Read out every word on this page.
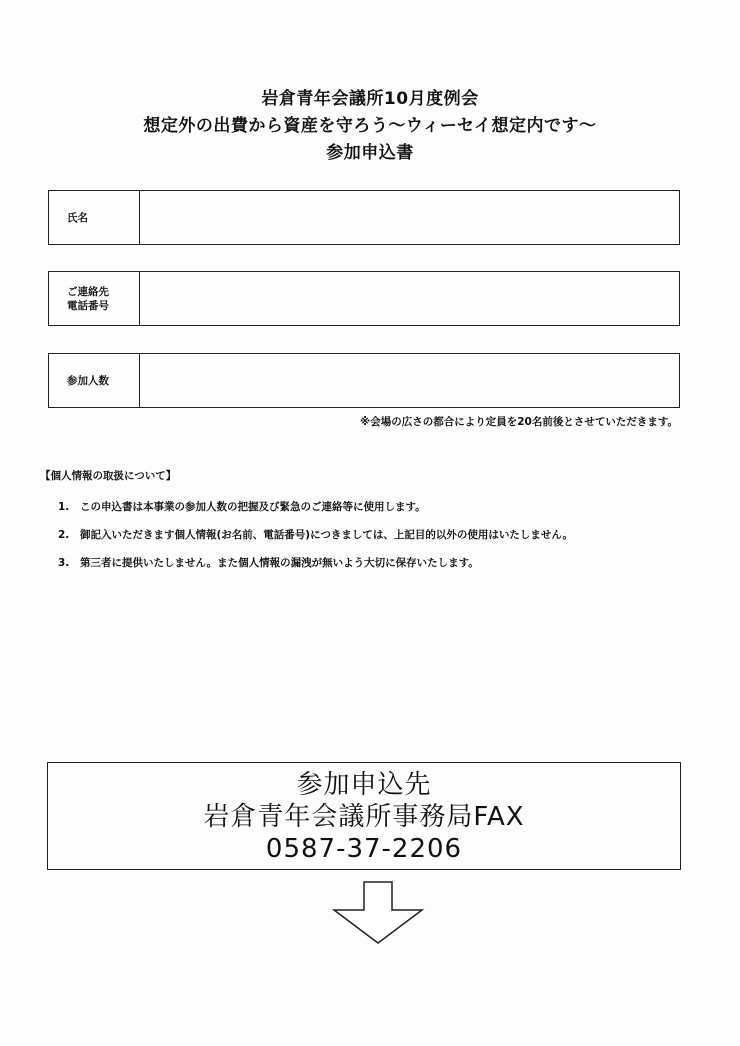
岩倉青年会議所10月度例会
想定外の出費から資産を守ろう〜ウィーセイ想定内です〜
参加申込書
氏名
ご連絡先
電話番号
参加人数
※会場の広さの都合により定員を20名前後とさせていただきます。
【個人情報の取扱について】
1.	この申込書は本事業の参加人数の把握及び緊急のご連絡等に使用します。
2.	御記入いただきます個人情報(お名前、電話番号)につきましては、上記目的以外の使用はいたしません。
3.	第三者に提供いたしません。また個人情報の漏洩が無いよう大切に保存いたします。
参加申込先
岩倉青年会議所事務局FAX
0587-37-2206
